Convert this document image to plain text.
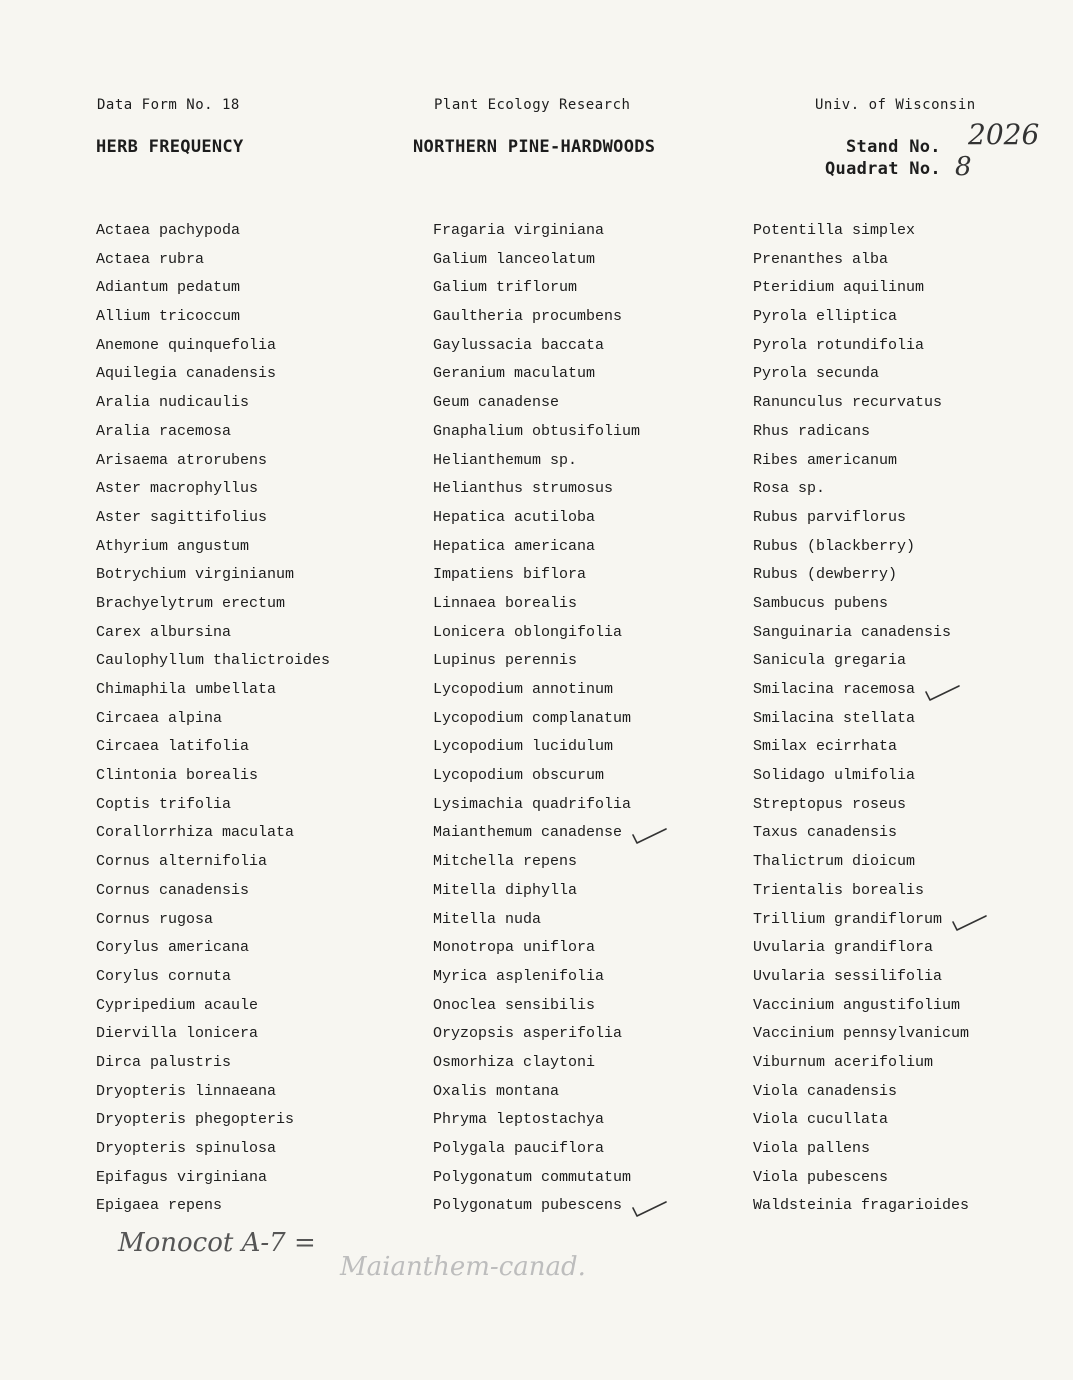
Data Form No. 18	Plant Ecology Research	Univ. of Wisconsin
HERB FREQUENCY	NORTHERN PINE-HARDWOODS	Stand No. 2026
Quadrat No. 8
Actaea pachypoda
Actaea rubra
Adiantum pedatum
Allium tricoccum
Anemone quinquefolia
Aquilegia canadensis
Aralia nudicaulis
Aralia racemosa
Arisaema atrorubens
Aster macrophyllus
Aster sagittifolius
Athyrium angustum
Botrychium virginianum
Brachyelytrum erectum
Carex albursina
Caulophyllum thalictroides
Chimaphila umbellata
Circaea alpina
Circaea latifolia
Clintonia borealis
Coptis trifolia
Corallorrhiza maculata
Cornus alternifolia
Cornus canadensis
Cornus rugosa
Corylus americana
Corylus cornuta
Cypripedium acaule
Diervilla lonicera
Dirca palustris
Dryopteris linnaeana
Dryopteris phegopteris
Dryopteris spinulosa
Epifagus virginiana
Epigaea repens
Fragaria virginiana
Galium lanceolatum
Galium triflorum
Gaultheria procumbens
Gaylussacia baccata
Geranium maculatum
Geum canadense
Gnaphalium obtusifolium
Helianthemum sp.
Helianthus strumosus
Hepatica acutiloba
Hepatica americana
Impatiens biflora
Linnaea borealis
Lonicera oblongifolia
Lupinus perennis
Lycopodium annotinum
Lycopodium complanatum
Lycopodium lucidulum
Lycopodium obscurum
Lysimachia quadrifolia
Maianthemum canadense
Mitchella repens
Mitella diphylla
Mitella nuda
Monotropa uniflora
Myrica asplenifolia
Onoclea sensibilis
Oryzopsis asperifolia
Osmorhiza claytoni
Oxalis montana
Phryma leptostachya
Polygala pauciflora
Polygonatum commutatum
Polygonatum pubescens
Potentilla simplex
Prenanthes alba
Pteridium aquilinum
Pyrola elliptica
Pyrola rotundifolia
Pyrola secunda
Ranunculus recurvatus
Rhus radicans
Ribes americanum
Rosa sp.
Rubus parviflorus
Rubus (blackberry)
Rubus (dewberry)
Sambucus pubens
Sanguinaria canadensis
Sanicula gregaria
Smilacina racemosa
Smilacina stellata
Smilax ecirrhata
Solidago ulmifolia
Streptopus roseus
Taxus canadensis
Thalictrum dioicum
Trientalis borealis
Trillium grandiflorum
Uvularia grandiflora
Uvularia sessilifolia
Vaccinium angustifolium
Vaccinium pennsylvanicum
Viburnum acerifolium
Viola canadensis
Viola cucullata
Viola pallens
Viola pubescens
Waldsteinia fragarioides
Monocot A-7 =
Maianthem-canad.
